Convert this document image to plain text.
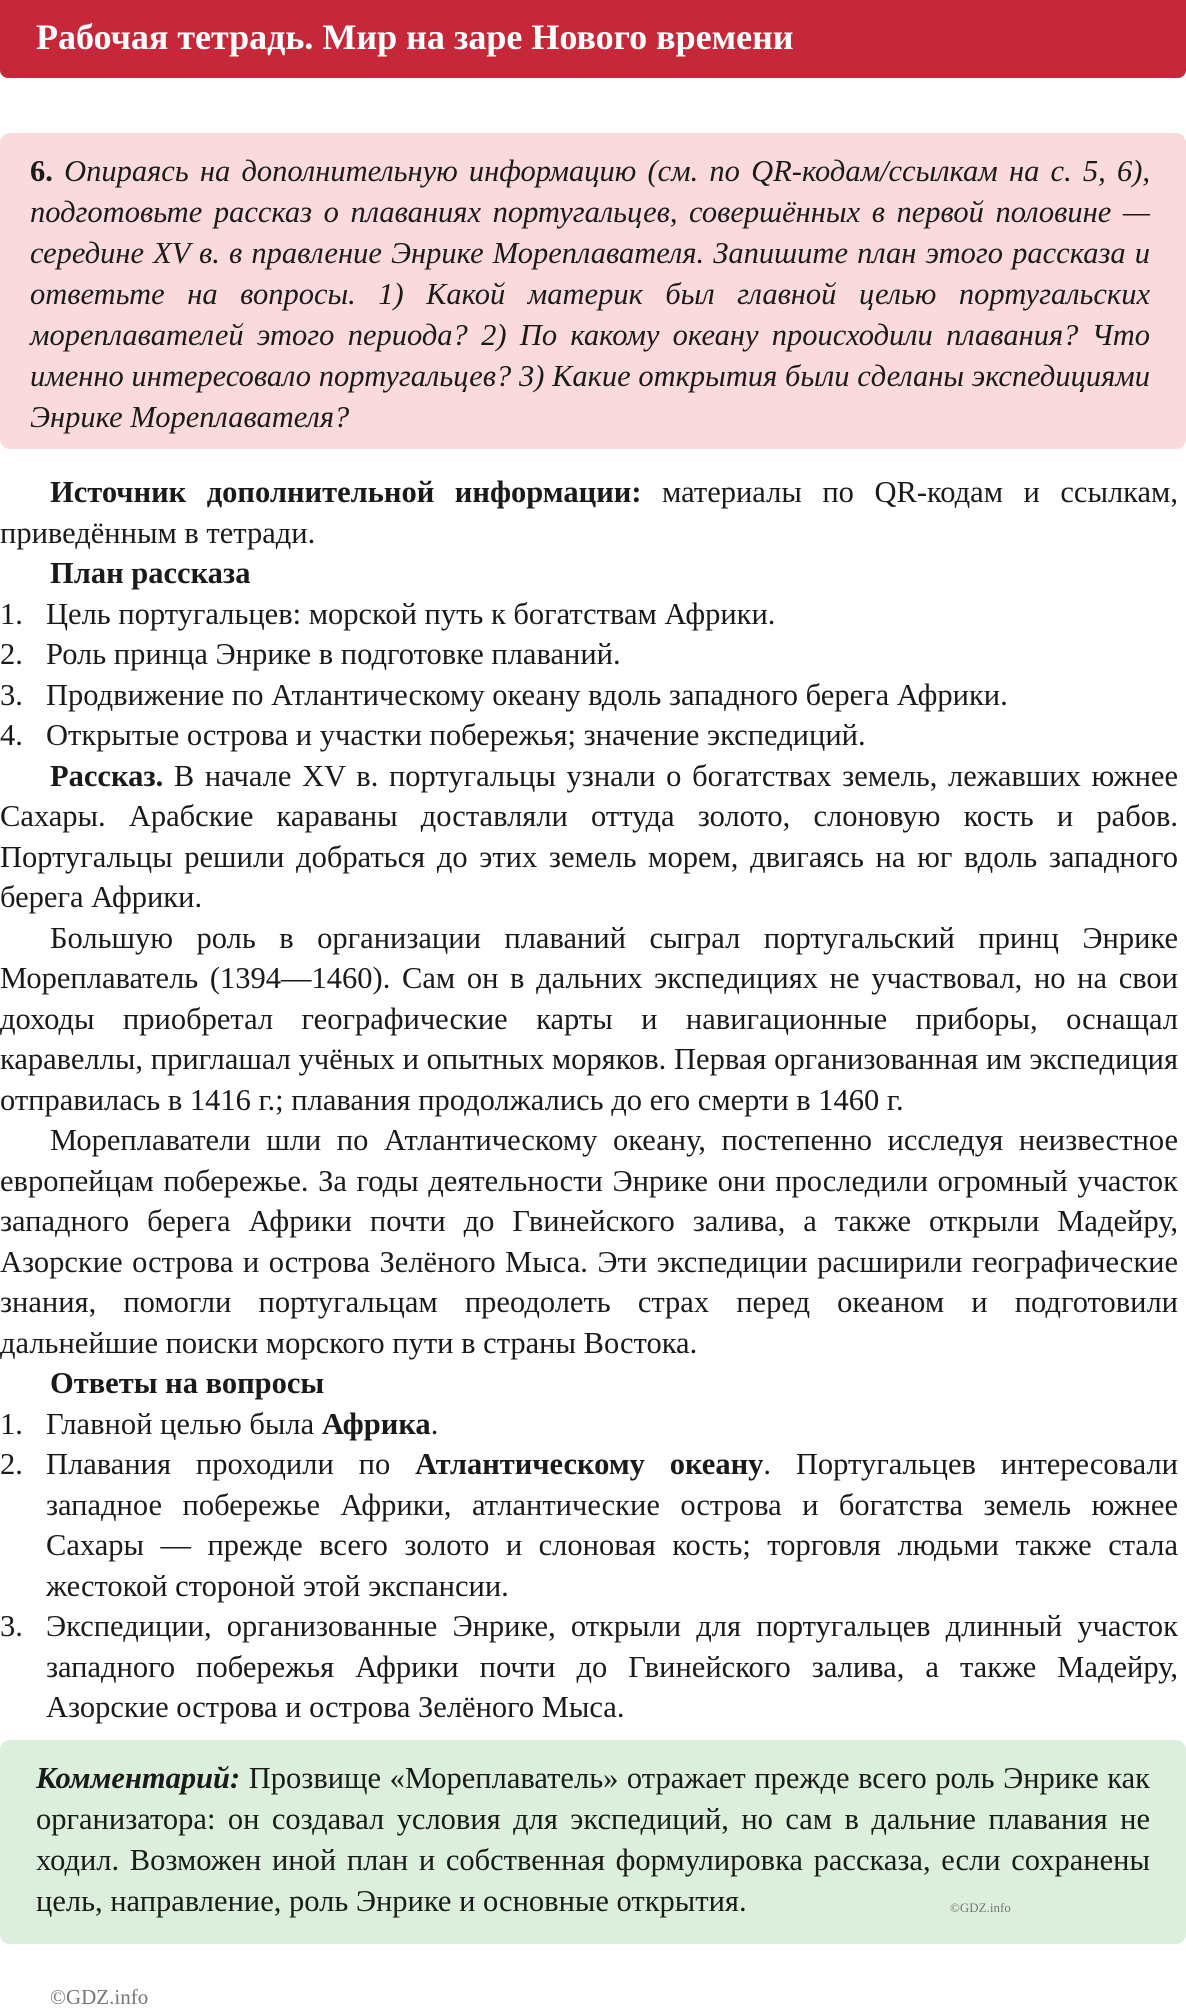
Рабочая тетрадь. Мир на заре Нового времени
6. Опираясь на дополнительную информацию (см. по QR-кодам/ссылкам на с. 5, 6), подготовьте рассказ о плаваниях португальцев, совершённых в первой половине — середине XV в. в правление Энрике Мореплавателя. Запишите план этого рассказа и ответьте на вопросы. 1) Какой материк был главной целью португальских мореплавателей этого периода? 2) По какому океану происходили плавания? Что именно интересовало португальцев? 3) Какие открытия были сделаны экспедициями Энрике Мореплавателя?

Источник дополнительной информации: материалы по QR-кодам и ссылкам, приведённым в тетради.

План рассказа

1. Цель португальцев: морской путь к богатствам Африки.
2. Роль принца Энрике в подготовке плаваний.
3. Продвижение по Атлантическому океану вдоль западного берега Африки.
4. Открытые острова и участки побережья; значение экспедиций.

Рассказ. В начале XV в. португальцы узнали о богатствах земель, лежавших южнее Сахары. Арабские караваны доставляли оттуда золото, слоновую кость и рабов. Португальцы решили добраться до этих земель морем, двигаясь на юг вдоль западного берега Африки.

Большую роль в организации плаваний сыграл португальский принц Энрике Мореплаватель (1394—1460). Сам он в дальних экспедициях не участвовал, но на свои доходы приобретал географические карты и навигационные приборы, оснащал каравеллы, приглашал учёных и опытных моряков. Первая организованная им экспедиция отправилась в 1416 г.; плавания продолжались до его смерти в 1460 г.

Мореплаватели шли по Атлантическому океану, постепенно исследуя неизвестное европейцам побережье. За годы деятельности Энрике они проследили огромный участок западного берега Африки почти до Гвинейского залива, а также открыли Мадейру, Азорские острова и острова Зелёного Мыса. Эти экспедиции расширили географические знания, помогли португальцам преодолеть страх перед океаном и подготовили дальнейшие поиски морского пути в страны Востока.

Ответы на вопросы

1. Главной целью была Африка.
2. Плавания проходили по Атлантическому океану. Португальцев интересовали западное побережье Африки, атлантические острова и богатства земель южнее Сахары — прежде всего золото и слоновая кость; торговля людьми также стала жестокой стороной этой экспансии.
3. Экспедиции, организованные Энрике, открыли для португальцев длинный участок западного побережья Африки почти до Гвинейского залива, а также Мадейру, Азорские острова и острова Зелёного Мыса.
Комментарий: Прозвище «Мореплаватель» отражает прежде всего роль Энрике как организатора: он создавал условия для экспедиций, но сам в дальние плавания не ходил. Возможен иной план и собственная формулировка рассказа, если сохранены цель, направление, роль Энрике и основные открытия.	©GDZ.info
©GDZ.info
